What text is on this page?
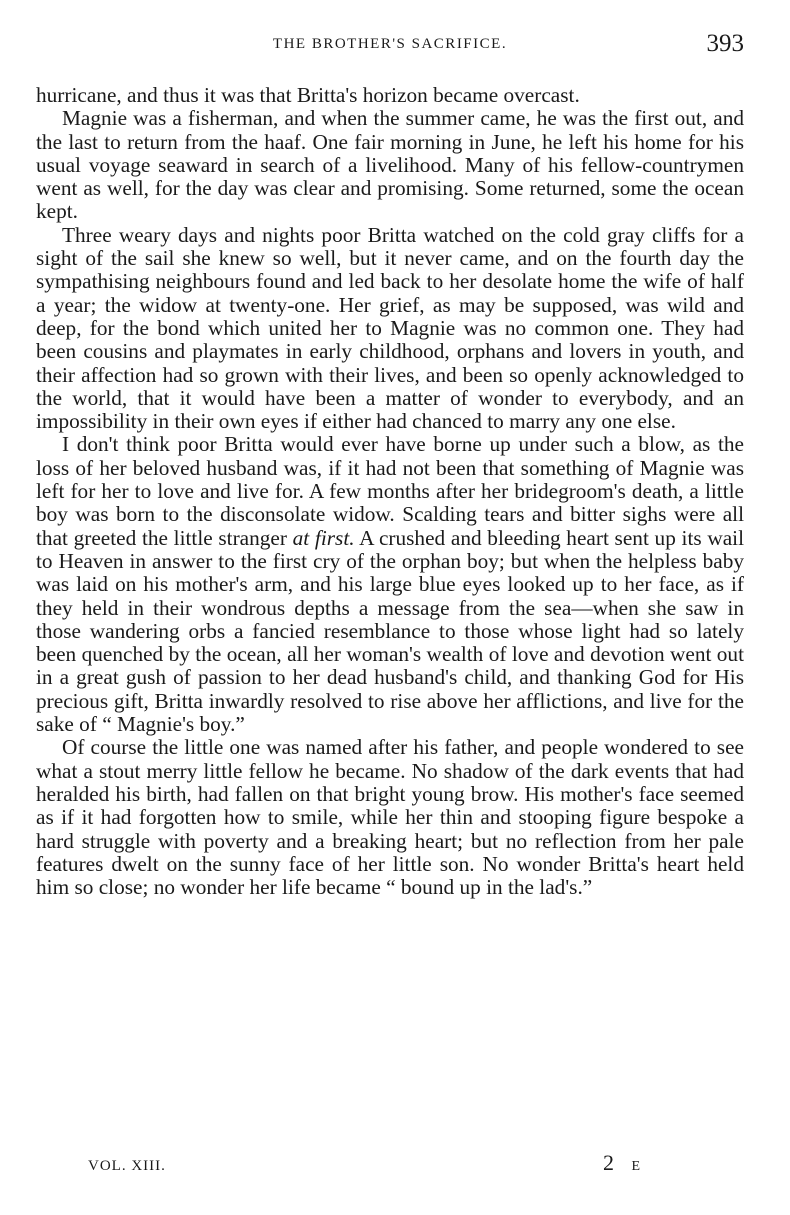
THE BROTHER'S SACRIFICE.	393

hurricane, and thus it was that Britta's horizon became overcast.

Magnie was a fisherman, and when the summer came, he was the first out, and the last to return from the haaf. One fair morning in June, he left his home for his usual voyage seaward in search of a livelihood. Many of his fellow-countrymen went as well, for the day was clear and promising. Some returned, some the ocean kept.

Three weary days and nights poor Britta watched on the cold gray cliffs for a sight of the sail she knew so well, but it never came, and on the fourth day the sympathising neighbours found and led back to her desolate home the wife of half a year; the widow at twenty-one. Her grief, as may be supposed, was wild and deep, for the bond which united her to Magnie was no common one. They had been cousins and playmates in early childhood, orphans and lovers in youth, and their affection had so grown with their lives, and been so openly acknowledged to the world, that it would have been a matter of wonder to everybody, and an impossibility in their own eyes if either had chanced to marry any one else.

I don't think poor Britta would ever have borne up under such a blow, as the loss of her beloved husband was, if it had not been that something of Magnie was left for her to love and live for. A few months after her bridegroom's death, a little boy was born to the disconsolate widow. Scalding tears and bitter sighs were all that greeted the little stranger at first. A crushed and bleeding heart sent up its wail to Heaven in answer to the first cry of the orphan boy; but when the helpless baby was laid on his mother's arm, and his large blue eyes looked up to her face, as if they held in their wondrous depths a message from the sea—when she saw in those wandering orbs a fancied resemblance to those whose light had so lately been quenched by the ocean, all her woman's wealth of love and devotion went out in a great gush of passion to her dead husband's child, and thanking God for His precious gift, Britta inwardly resolved to rise above her afflictions, and live for the sake of “ Magnie's boy.”

Of course the little one was named after his father, and people wondered to see what a stout merry little fellow he became. No shadow of the dark events that had heralded his birth, had fallen on that bright young brow. His mother's face seemed as if it had forgotten how to smile, while her thin and stooping figure bespoke a hard struggle with poverty and a breaking heart; but no reflection from her pale features dwelt on the sunny face of her little son. No wonder Britta's heart held him so close; no wonder her life became “ bound up in the lad's.”

VOL. XIII.	2 E
